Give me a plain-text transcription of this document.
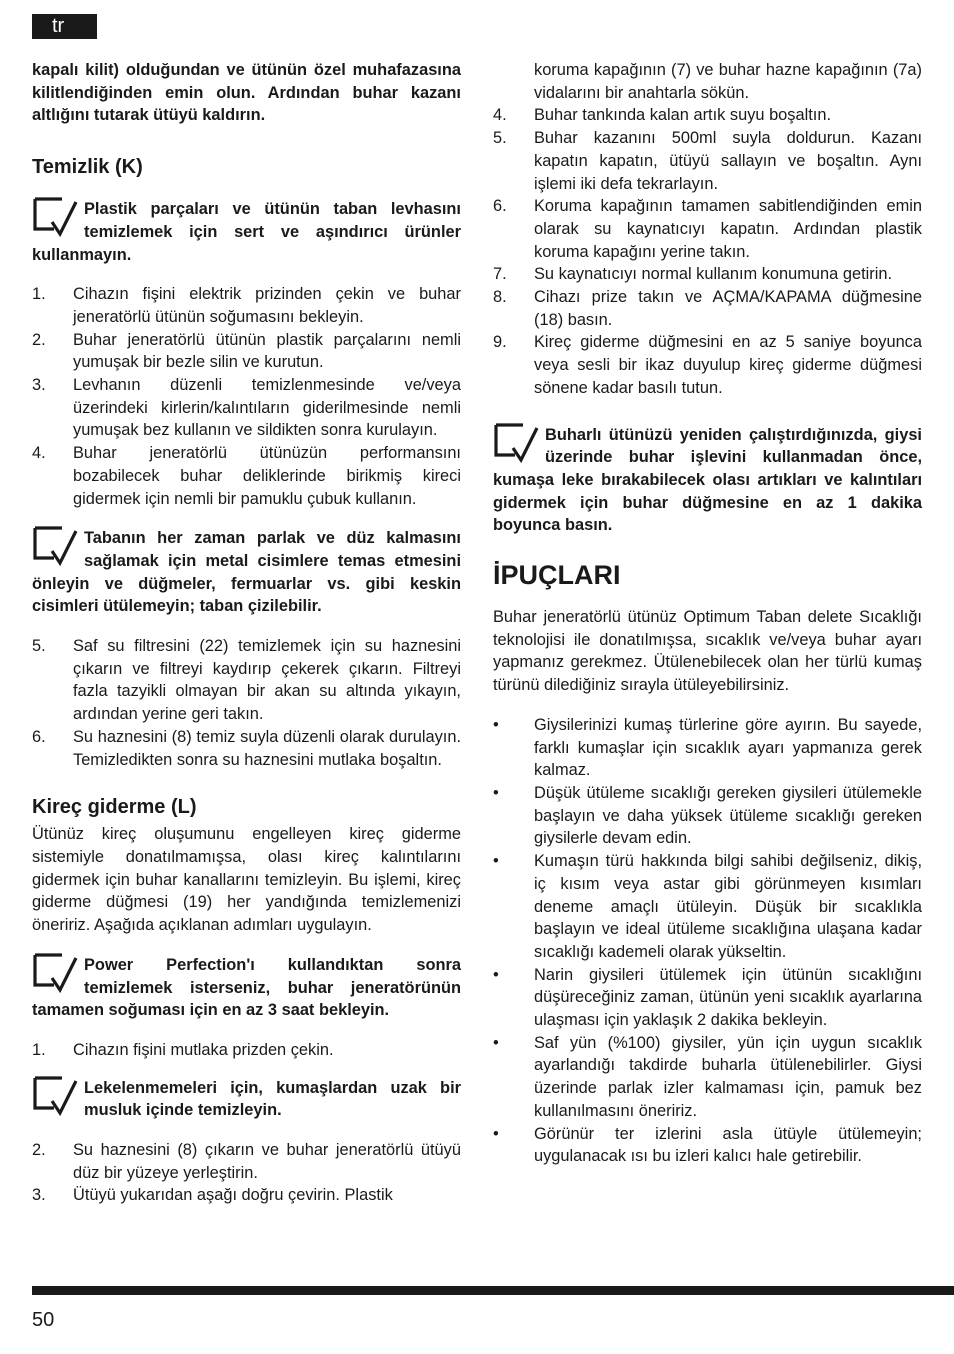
tr

kapalı kilit) olduğundan ve ütünün özel muhafazasına kilitlendiğinden emin olun. Ardından buhar kazanı altlığını tutarak ütüyü kaldırın.

Temizlik (K)
Plastik parçaları ve ütünün taban levhasını temizlemek için sert ve aşındırıcı ürünler kullanmayın.
1. Cihazın fişini elektrik prizinden çekin ve buhar jeneratörlü ütünün soğumasını bekleyin.
2. Buhar jeneratörlü ütünün plastik parçalarını nemli yumuşak bir bezle silin ve kurutun.
3. Levhanın düzenli temizlenmesinde ve/veya üzerindeki kirlerin/kalıntıların giderilmesinde nemli yumuşak bez kullanın ve sildikten sonra kurulayın.
4. Buhar jeneratörlü ütünüzün performansını bozabilecek buhar deliklerinde birikmiş kireci gidermek için nemli bir pamuklu çubuk kullanın.
Tabanın her zaman parlak ve düz kalmasını sağlamak için metal cisimlere temas etmesini önleyin ve düğmeler, fermuarlar vs. gibi keskin cisimleri ütülemeyin; taban çizilebilir.
5. Saf su filtresini (22) temizlemek için su haznesini çıkarın ve filtreyi kaydırıp çekerek çıkarın. Filtreyi fazla tazyikli olmayan bir akan su altında yıkayın, ardından yerine geri takın.
6. Su haznesini (8) temiz suyla düzenli olarak durulayın. Temizledikten sonra su haznesini mutlaka boşaltın.
Kireç giderme (L)

Ütünüz kireç oluşumunu engelleyen kireç giderme sistemiyle donatılmamışsa, olası kireç kalıntılarını gidermek için buhar kanallarını temizleyin. Bu işlemi, kireç giderme düğmesi (19) her yandığında temizlemenizi öneririz. Aşağıda açıklanan adımları uygulayın.

Power Perfection'ı kullandıktan sonra temizlemek isterseniz, buhar jeneratörünün tamamen soğuması için en az 3 saat bekleyin.
1. Cihazın fişini mutlaka prizden çekin.
Lekelenmemeleri için, kumaşlardan uzak bir musluk içinde temizleyin.
2. Su haznesini (8) çıkarın ve buhar jeneratörlü ütüyü düz bir yüzeye yerleştirin.
3. Ütüyü yukarıdan aşağı doğru çevirin. Plastik

koruma kapağının (7) ve buhar hazne kapağının (7a) vidalarını bir anahtarla sökün.

4. Buhar tankında kalan artık suyu boşaltın.
5. Buhar kazanını 500ml suyla doldurun. Kazanı kapatın kapatın, ütüyü sallayın ve boşaltın. Aynı işlemi iki defa tekrarlayın.
6. Koruma kapağının tamamen sabitlendiğinden emin olarak su kaynatıcıyı kapatın. Ardından plastik koruma kapağını yerine takın.
7. Su kaynatıcıyı normal kullanım konumuna getirin.
8. Cihazı prize takın ve AÇMA/KAPAMA düğmesine (18) basın.
9. Kireç giderme düğmesini en az 5 saniye boyunca veya sesli bir ikaz duyulup kireç giderme düğmesi sönene kadar basılı tutun.
Buharlı ütünüzü yeniden çalıştırdığınızda, giysi üzerinde buhar işlevini kullanmadan önce, kumaşa leke bırakabilecek olası artıkları ve kalıntıları gidermek için buhar düğmesine en az 1 dakika boyunca basın.
İPUÇLARI

Buhar jeneratörlü ütünüz Optimum Taban delete Sıcaklığı teknolojisi ile donatılmışsa, sıcaklık ve/veya buhar ayarı yapmanız gerekmez. Ütülenebilecek olan her türlü kumaş türünü dilediğiniz sırayla ütüleyebilirsiniz.

• Giysilerinizi kumaş türlerine göre ayırın. Bu sayede, farklı kumaşlar için sıcaklık ayarı yapmanıza gerek kalmaz.
• Düşük ütüleme sıcaklığı gereken giysileri ütülemekle başlayın ve daha yüksek ütüleme sıcaklığı gereken giysilerle devam edin.
• Kumaşın türü hakkında bilgi sahibi değilseniz, dikiş, iç kısım veya astar gibi görünmeyen kısımları deneme amaçlı ütüleyin. Düşük bir sıcaklıkla başlayın ve ideal ütüleme sıcaklığına ulaşana kadar sıcaklığı kademeli olarak yükseltin.
• Narin giysileri ütülemek için ütünün sıcaklığını düşüreceğiniz zaman, ütünün yeni sıcaklık ayarlarına ulaşması için yaklaşık 2 dakika bekleyin.
• Saf yün (%100) giysiler, yün için uygun sıcaklık ayarlandığı takdirde buharla ütülenebilirler. Giysi üzerinde parlak izler kalmaması için, pamuk bez kullanılmasını öneririz.
• Görünür ter izlerini asla ütüyle ütülemeyin; uygulanacak ısı bu izleri kalıcı hale getirebilir.
50
